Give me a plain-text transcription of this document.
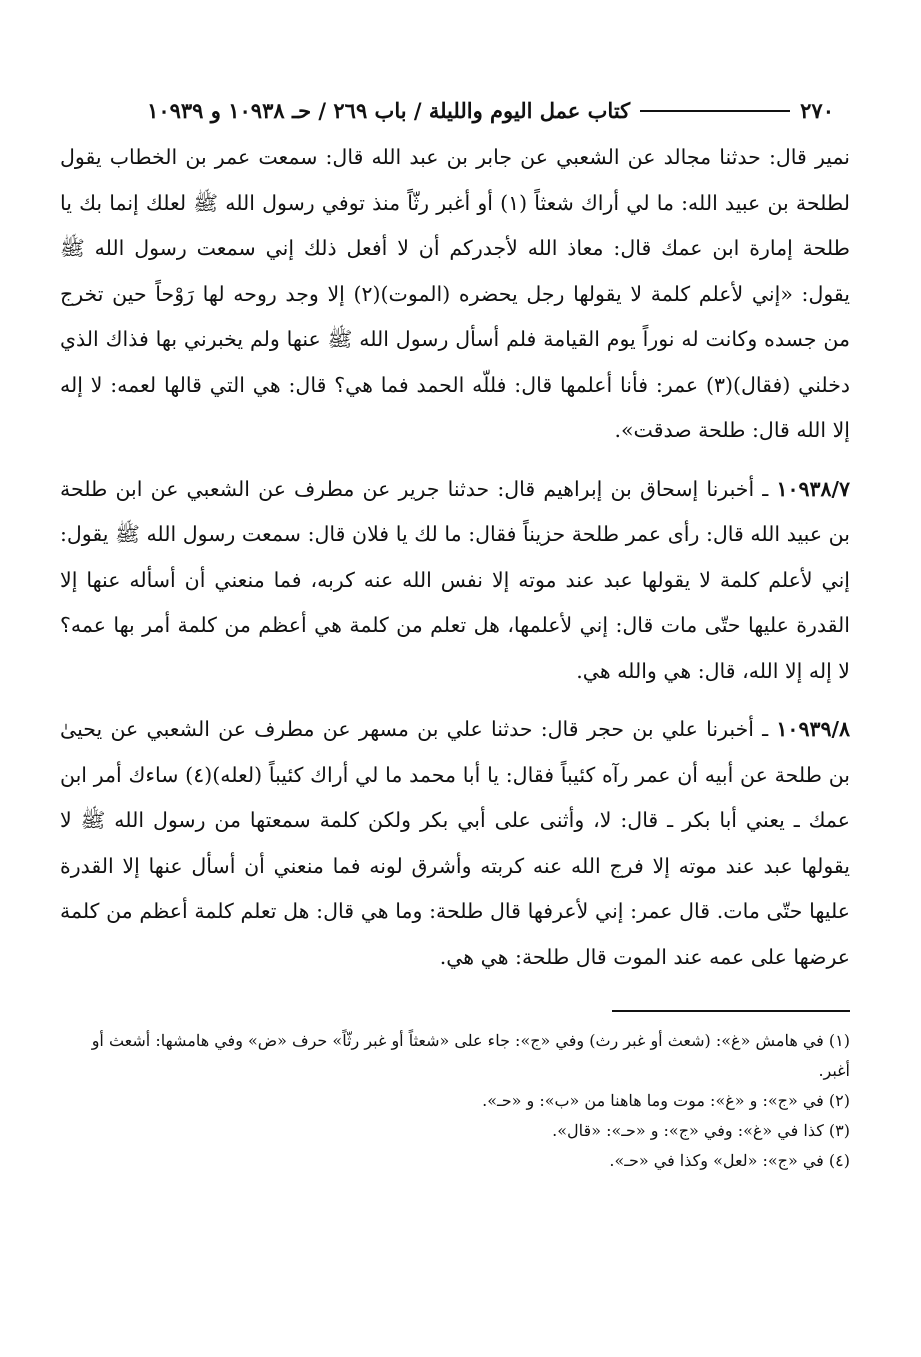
٢٧٠
كتاب عمل اليوم والليلة / باب ٢٦٩ / حـ ١٠٩٣٨ و ١٠٩٣٩

نمير قال: حدثنا مجالد عن الشعبي عن جابر بن عبد الله قال: سمعت عمر بن الخطاب يقول لطلحة بن عبيد الله: ما لي أراك شعثاً (١) أو أغبر رثّاً منذ توفي رسول الله ﷺ لعلك إنما بك يا طلحة إمارة ابن عمك قال: معاذ الله لأجدركم أن لا أفعل ذلك إني سمعت رسول الله ﷺ يقول: «إني لأعلم كلمة لا يقولها رجل يحضره (الموت)(٢) إلا وجد روحه لها رَوْحاً حين تخرج من جسده وكانت له نوراً يوم القيامة فلم أسأل رسول الله ﷺ عنها ولم يخبرني بها فذاك الذي دخلني (فقال)(٣) عمر: فأنا أعلمها قال: فللّه الحمد فما هي؟ قال: هي التي قالها لعمه: لا إله إلا الله قال: طلحة صدقت».

١٠٩٣٨/٧ ـ أخبرنا إسحاق بن إبراهيم قال: حدثنا جرير عن مطرف عن الشعبي عن ابن طلحة بن عبيد الله قال: رأى عمر طلحة حزيناً فقال: ما لك يا فلان قال: سمعت رسول الله ﷺ يقول: إني لأعلم كلمة لا يقولها عبد عند موته إلا نفس الله عنه كربه، فما منعني أن أسأله عنها إلا القدرة عليها حتّى مات قال: إني لأعلمها، هل تعلم من كلمة هي أعظم من كلمة أمر بها عمه؟ لا إله إلا الله، قال: هي والله هي.

١٠٩٣٩/٨ ـ أخبرنا علي بن حجر قال: حدثنا علي بن مسهر عن مطرف عن الشعبي عن يحيىٰ بن طلحة عن أبيه أن عمر رآه كئيباً فقال: يا أبا محمد ما لي أراك كئيباً (لعله)(٤) ساءك أمر ابن عمك ـ يعني أبا بكر ـ قال: لا، وأثنى على أبي بكر ولكن كلمة سمعتها من رسول الله ﷺ لا يقولها عبد عند موته إلا فرج الله عنه كربته وأشرق لونه فما منعني أن أسأل عنها إلا القدرة عليها حتّى مات. قال عمر: إني لأعرفها قال طلحة: وما هي قال: هل تعلم كلمة أعظم من كلمة عرضها على عمه عند الموت قال طلحة: هي هي.

(١) في هامش «غ»: (شعث أو غبر رث) وفي «ج»: جاء على «شعثاً أو غبر رثّاً» حرف «ض» وفي هامشها: أشعث أو أغبر.

(٢) في «ج»: و «غ»: موت وما هاهنا من «ب»: و «حـ».

(٣) كذا في «غ»: وفي «ج»: و «حـ»: «قال».

(٤) في «ج»: «لعل» وكذا في «حـ».
